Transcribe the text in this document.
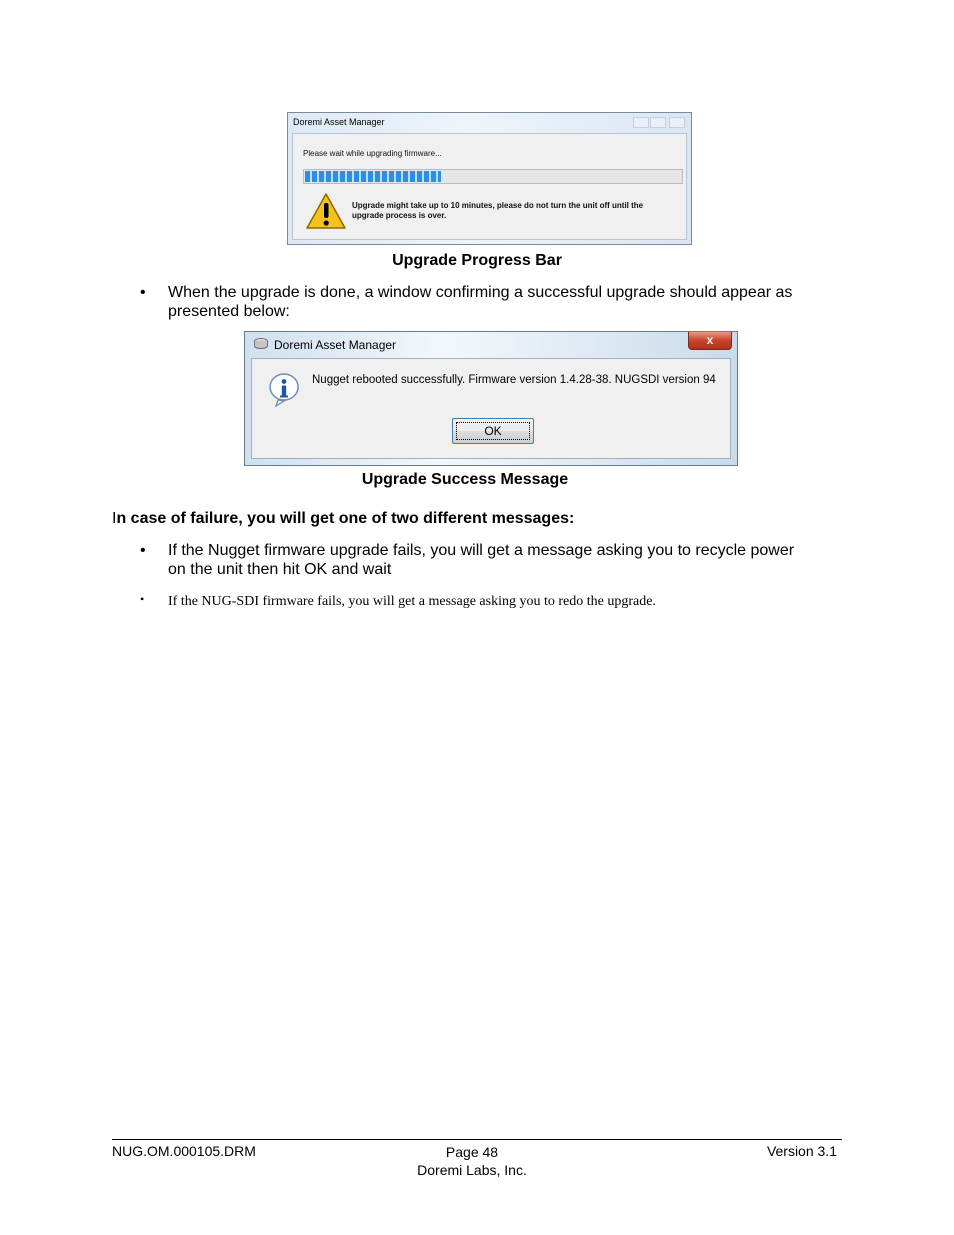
Doremi Asset Manager
Please wait while upgrading firmware...
Upgrade might take up to 10 minutes, please do not turn the unit off until the
upgrade process is over.
Upgrade Progress Bar
• When the upgrade is done, a window confirming a successful upgrade should appear as
presented below:
Doremi Asset Manager	x
Nugget rebooted successfully. Firmware version 1.4.28-38. NUGSDI version 94
OK
Upgrade Success Message
In case of failure, you will get one of two different messages:
• If the Nugget firmware upgrade fails, you will get a message asking you to recycle power
on the unit then hit OK and wait
• If the NUG-SDI firmware fails, you will get a message asking you to redo the upgrade.
NUG.OM.000105.DRM	Page 48
Doremi Labs, Inc.
Version 3.1
